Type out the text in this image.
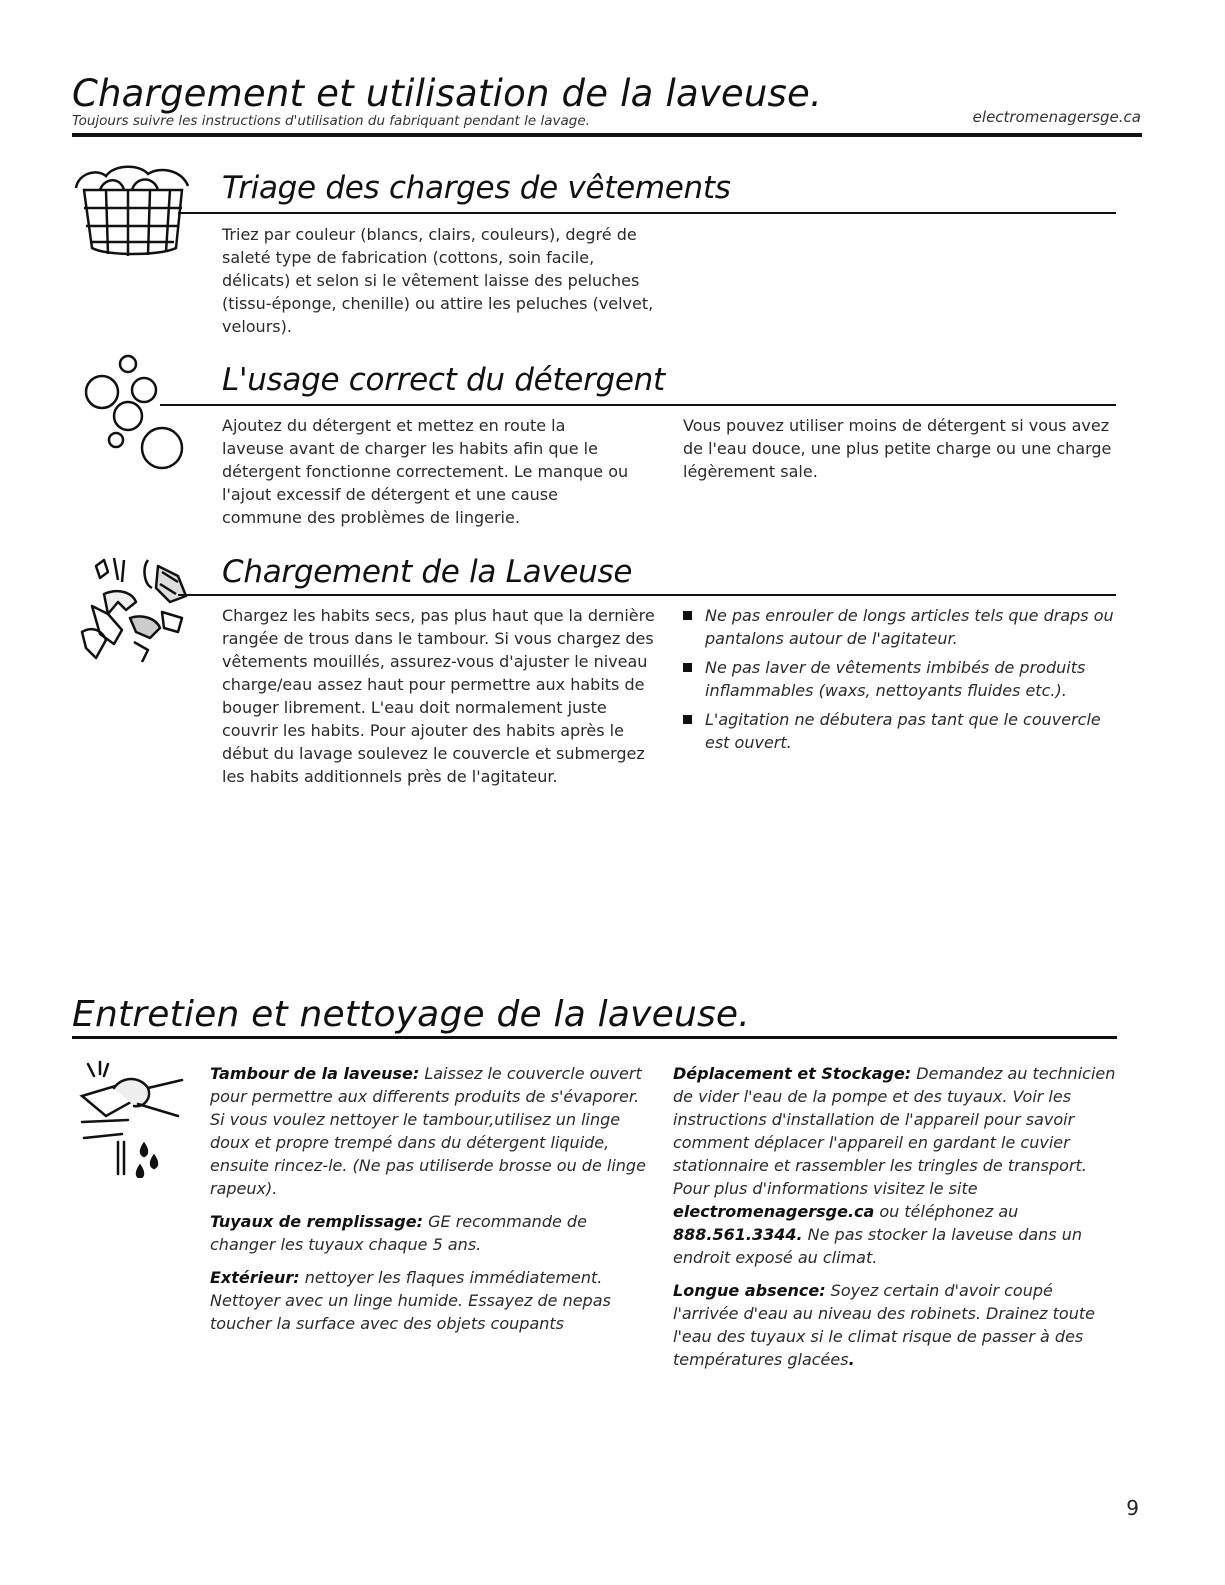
Chargement et utilisation de la laveuse.
Toujours suivre les instructions d'utilisation du fabriquant pendant le lavage.	electromenagersge.ca
Triage des charges de vêtements
Triez par couleur (blancs, clairs, couleurs), degré de saleté type de fabrication (cottons, soin facile, délicats) et selon si le vêtement laisse des peluches (tissu-éponge, chenille) ou attire les peluches (velvet, velours).
L'usage correct du détergent
Ajoutez du détergent et mettez en route la laveuse avant de charger les habits afin que le détergent fonctionne correctement. Le manque ou l'ajout excessif de détergent et une cause commune des problèmes de lingerie.
Vous pouvez utiliser moins de détergent si vous avez de l'eau douce, une plus petite charge ou une charge légèrement sale.
Chargement de la Laveuse
Chargez les habits secs, pas plus haut que la dernière rangée de trous dans le tambour. Si vous chargez des vêtements mouillés, assurez-vous d'ajuster le niveau charge/eau assez haut pour permettre aux habits de bouger librement. L'eau doit normalement juste couvrir les habits. Pour ajouter des habits après le début du lavage soulevez le couvercle et submergez les habits additionnels près de l'agitateur.
Ne pas enrouler de longs articles tels que draps ou pantalons autour de l'agitateur.
Ne pas laver de vêtements imbibés de produits inflammables (waxs, nettoyants fluides etc.).
L'agitation ne débutera pas tant que le couvercle est ouvert.
Entretien et nettoyage de la laveuse.

Tambour de la laveuse: Laissez le couvercle ouvert pour permettre aux differents produits de s'évaporer. Si vous voulez nettoyer le tambour,utilisez un linge doux et propre trempé dans du détergent liquide, ensuite rincez-le. (Ne pas utiliserde brosse ou de linge rapeux).

Tuyaux de remplissage: GE recommande de changer les tuyaux chaque 5 ans.

Extérieur: nettoyer les flaques immédiatement. Nettoyer avec un linge humide. Essayez de nepas toucher la surface avec des objets coupants

Déplacement et Stockage: Demandez au technicien de vider l'eau de la pompe et des tuyaux. Voir les instructions d'installation de l'appareil pour savoir comment déplacer l'appareil en gardant le cuvier stationnaire et rassembler les tringles de transport. Pour plus d'informations visitez le site electromenagersge.ca ou téléphonez au 888.561.3344. Ne pas stocker la laveuse dans un endroit exposé au climat.

Longue absence: Soyez certain d'avoir coupé l'arrivée d'eau au niveau des robinets. Drainez toute l'eau des tuyaux si le climat risque de passer à des températures glacées.

9
